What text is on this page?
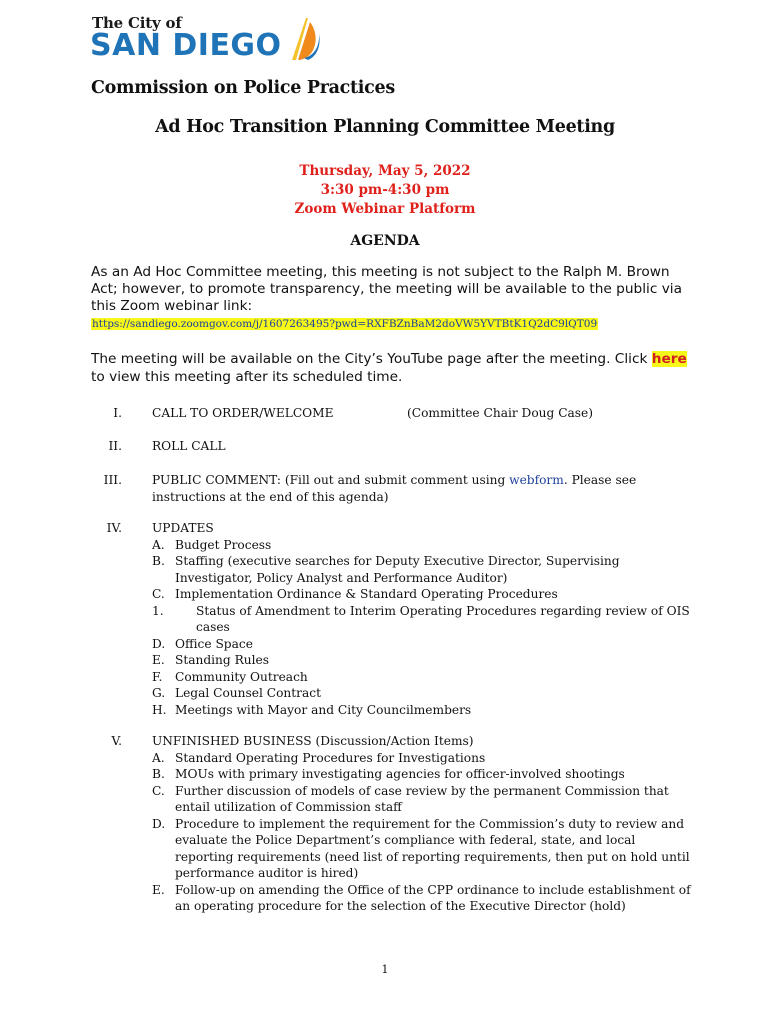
The City of
SAN DIEGO
Commission on Police Practices
Ad Hoc Transition Planning Committee Meeting
Thursday, May 5, 2022
3:30 pm-4:30 pm
Zoom Webinar Platform
AGENDA
As an Ad Hoc Committee meeting, this meeting is not subject to the Ralph M. Brown Act; however, to promote transparency, the meeting will be available to the public via this Zoom webinar link:
https://sandiego.zoomgov.com/j/1607263495?pwd=RXFBZnBaM2doVW5YVTBtK1Q2dC9lQT09
The meeting will be available on the City’s YouTube page after the meeting. Click here to view this meeting after its scheduled time.
I. CALL TO ORDER/WELCOME	(Committee Chair Doug Case)
II. ROLL CALL
III. PUBLIC COMMENT: (Fill out and submit comment using webform. Please see instructions at the end of this agenda)
IV. UPDATES
A. Budget Process
B. Staffing (executive searches for Deputy Executive Director, Supervising Investigator, Policy Analyst and Performance Auditor)
C. Implementation Ordinance & Standard Operating Procedures
1.	Status of Amendment to Interim Operating Procedures regarding review of OIS cases
D. Office Space
E. Standing Rules
F. Community Outreach
G. Legal Counsel Contract
H. Meetings with Mayor and City Councilmembers
V. UNFINISHED BUSINESS (Discussion/Action Items)
A. Standard Operating Procedures for Investigations
B. MOUs with primary investigating agencies for officer-involved shootings
C. Further discussion of models of case review by the permanent Commission that entail utilization of Commission staff
D. Procedure to implement the requirement for the Commission’s duty to review and evaluate the Police Department’s compliance with federal, state, and local reporting requirements (need list of reporting requirements, then put on hold until performance auditor is hired)
E. Follow-up on amending the Office of the CPP ordinance to include establishment of an operating procedure for the selection of the Executive Director (hold)
1
